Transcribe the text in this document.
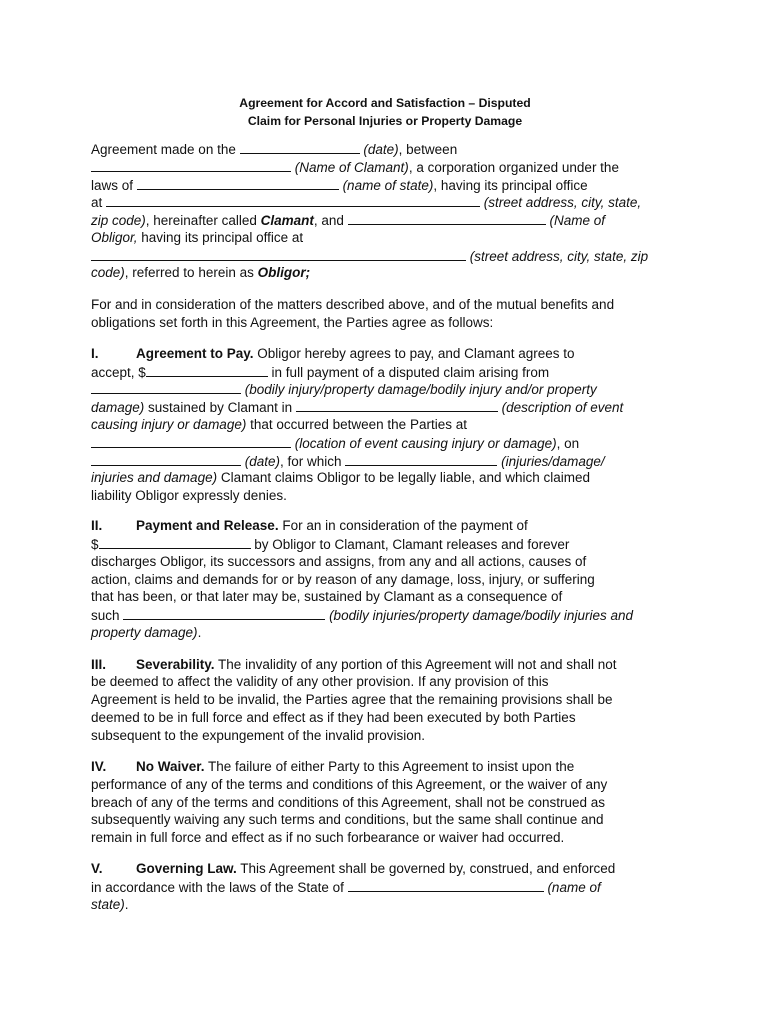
Agreement for Accord and Satisfaction – Disputed
Claim for Personal Injuries or Property Damage
Agreement made on the	(date), between
(Name of Clamant), a corporation organized under the
laws of	(name of state), having its principal office
at	(street address, city, state,
zip code), hereinafter called Clamant, and	(Name of
Obligor, having its principal office at
(street address, city, state, zip
code), referred to herein as Obligor;
For and in consideration of the matters described above, and of the mutual benefits and
obligations set forth in this Agreement, the Parties agree as follows:
I.	Agreement to Pay. Obligor hereby agrees to pay, and Clamant agrees to
accept, $	in full payment of a disputed claim arising from
(bodily injury/property damage/bodily injury and/or property
damage) sustained by Clamant in	(description of event
causing injury or damage) that occurred between the Parties at
(location of event causing injury or damage), on
(date), for which	(injuries/damage/
injuries and damage) Clamant claims Obligor to be legally liable, and which claimed
liability Obligor expressly denies.
II. Payment and Release. For an in consideration of the payment of
$	by Obligor to Clamant, Clamant releases and forever
discharges Obligor, its successors and assigns, from any and all actions, causes of
action, claims and demands for or by reason of any damage, loss, injury, or suffering
that has been, or that later may be, sustained by Clamant as a consequence of
such	(bodily injuries/property damage/bodily injuries and
property damage).
III. Severability. The invalidity of any portion of this Agreement will not and shall not
be deemed to affect the validity of any other provision. If any provision of this
Agreement is held to be invalid, the Parties agree that the remaining provisions shall be
deemed to be in full force and effect as if they had been executed by both Parties
subsequent to the expungement of the invalid provision.
IV. No Waiver. The failure of either Party to this Agreement to insist upon the
performance of any of the terms and conditions of this Agreement, or the waiver of any
breach of any of the terms and conditions of this Agreement, shall not be construed as
subsequently waiving any such terms and conditions, but the same shall continue and
remain in full force and effect as if no such forbearance or waiver had occurred.
V. Governing Law. This Agreement shall be governed by, construed, and enforced
in accordance with the laws of the State of	(name of
state).
